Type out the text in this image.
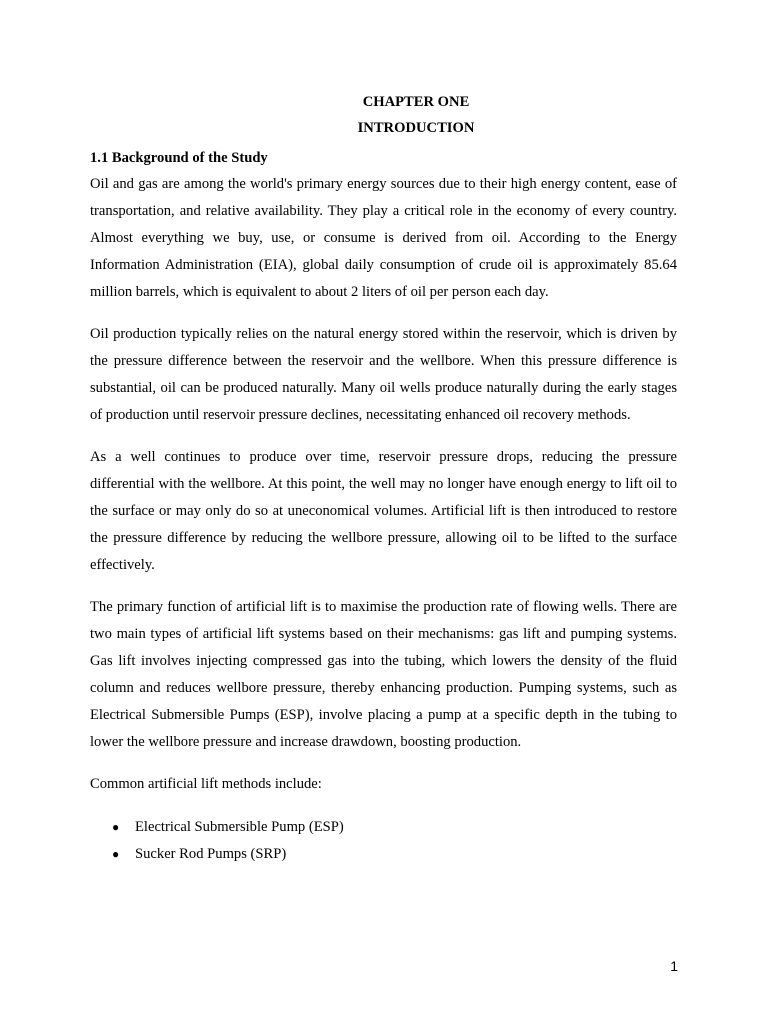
CHAPTER ONE

INTRODUCTION

1.1 Background of the Study

Oil and gas are among the world's primary energy sources due to their high energy content, ease of transportation, and relative availability. They play a critical role in the economy of every country. Almost everything we buy, use, or consume is derived from oil. According to the Energy Information Administration (EIA), global daily consumption of crude oil is approximately 85.64 million barrels, which is equivalent to about 2 liters of oil per person each day.

Oil production typically relies on the natural energy stored within the reservoir, which is driven by the pressure difference between the reservoir and the wellbore. When this pressure difference is substantial, oil can be produced naturally. Many oil wells produce naturally during the early stages of production until reservoir pressure declines, necessitating enhanced oil recovery methods.

As a well continues to produce over time, reservoir pressure drops, reducing the pressure differential with the wellbore. At this point, the well may no longer have enough energy to lift oil to the surface or may only do so at uneconomical volumes. Artificial lift is then introduced to restore the pressure difference by reducing the wellbore pressure, allowing oil to be lifted to the surface effectively.

The primary function of artificial lift is to maximise the production rate of flowing wells. There are two main types of artificial lift systems based on their mechanisms: gas lift and pumping systems. Gas lift involves injecting compressed gas into the tubing, which lowers the density of the fluid column and reduces wellbore pressure, thereby enhancing production. Pumping systems, such as Electrical Submersible Pumps (ESP), involve placing a pump at a specific depth in the tubing to lower the wellbore pressure and increase drawdown, boosting production.

Common artificial lift methods include:

● Electrical Submersible Pump (ESP)
● Sucker Rod Pumps (SRP)
1
